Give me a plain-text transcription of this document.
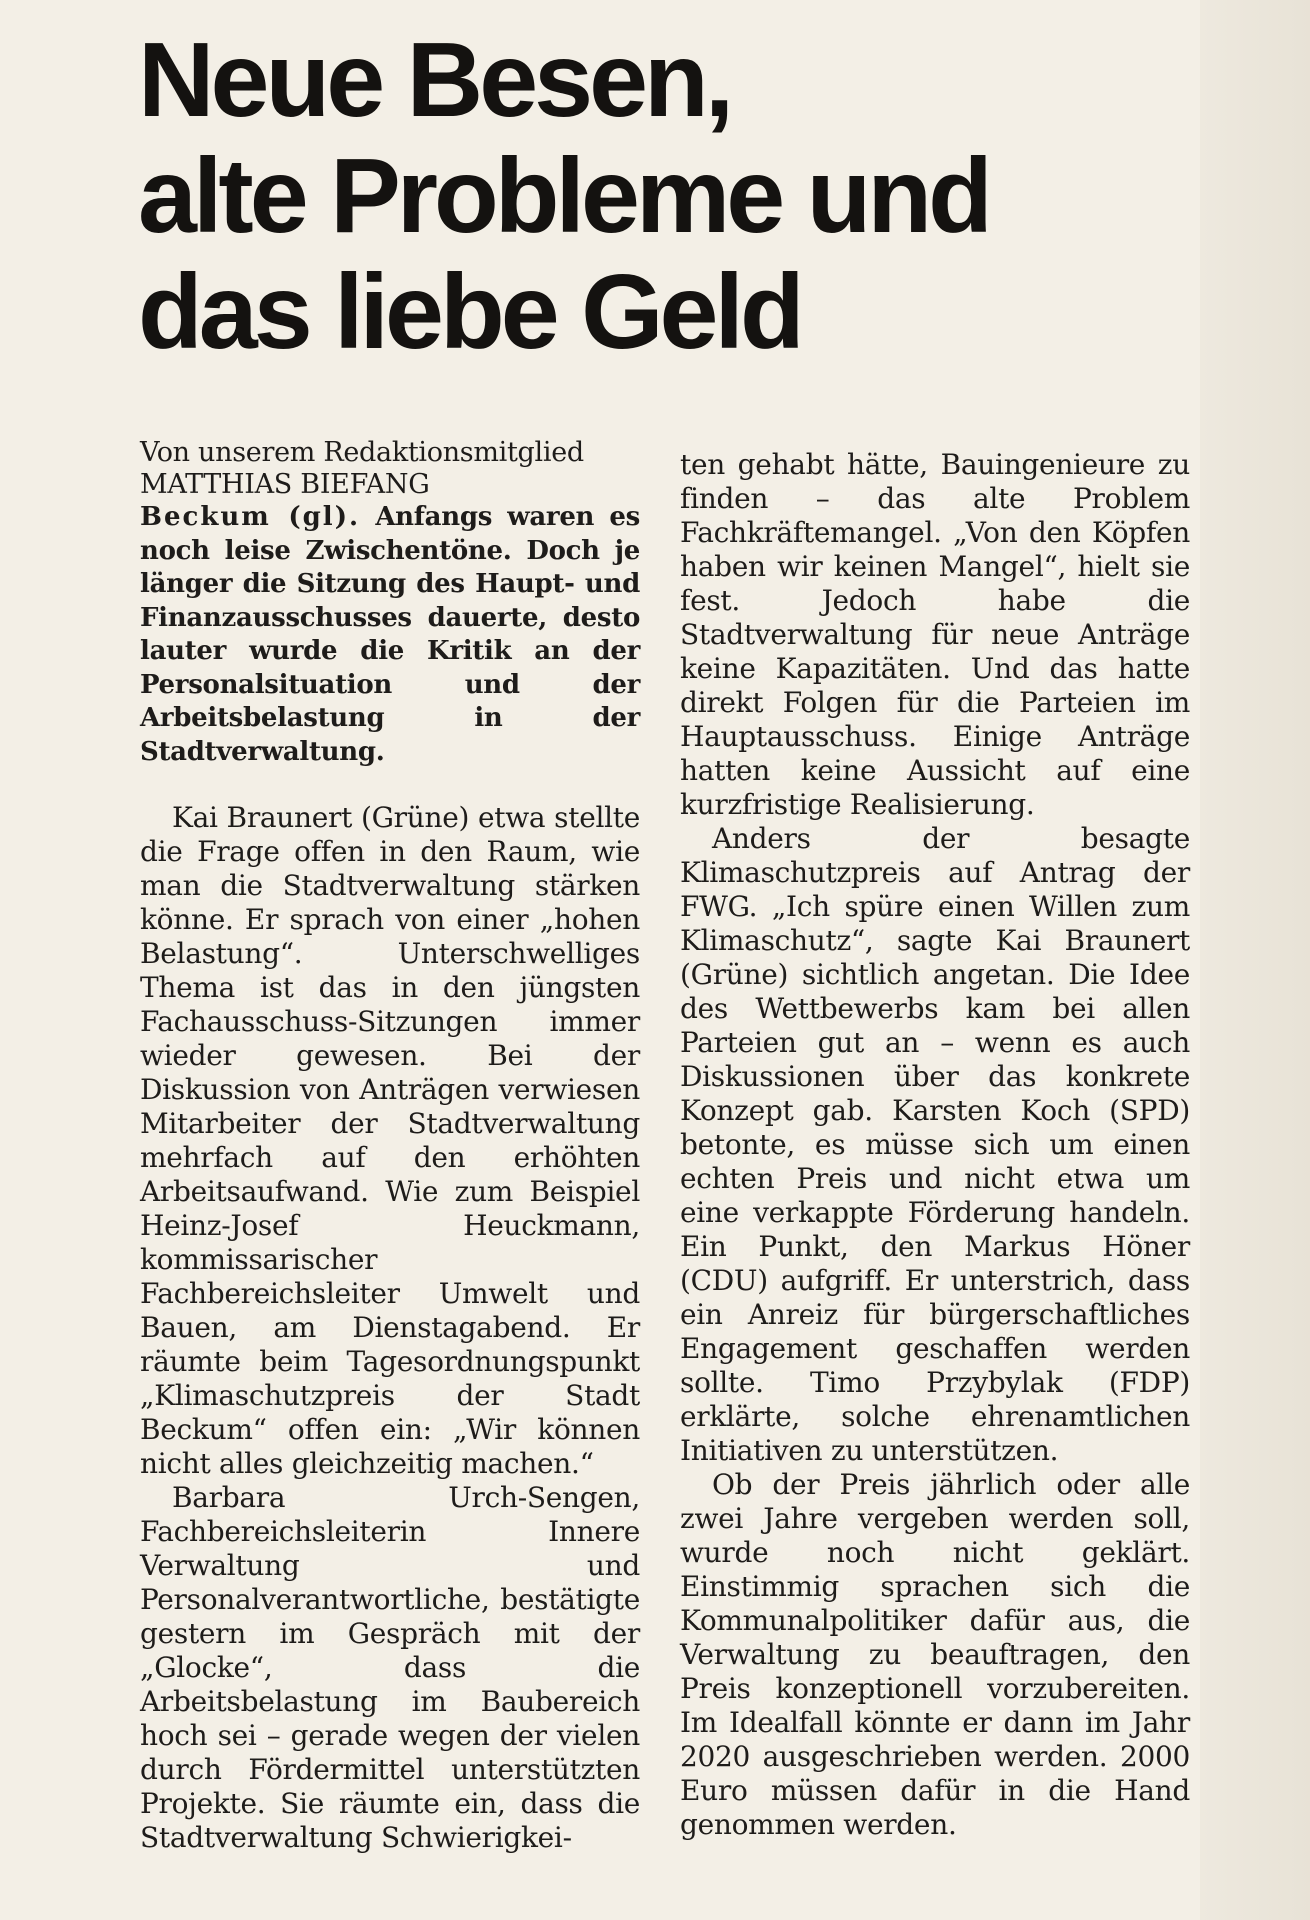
Neue Besen,
alte Probleme und
das liebe Geld

Von unserem Redaktionsmitglied
MATTHIAS BIEFANG

Beckum (gl). Anfangs waren es noch leise Zwischentöne. Doch je länger die Sitzung des Haupt- und Finanzausschusses dauerte, desto lauter wurde die Kritik an der Personalsituation und der Arbeitsbelastung in der Stadtverwaltung.

Kai Braunert (Grüne) etwa stellte die Frage offen in den Raum, wie man die Stadtverwaltung stärken könne. Er sprach von einer „hohen Belastung“. Unterschwelliges Thema ist das in den jüngsten Fachausschuss-Sitzungen immer wieder gewesen. Bei der Diskussion von Anträgen verwiesen Mitarbeiter der Stadtverwaltung mehrfach auf den erhöhten Arbeitsaufwand. Wie zum Beispiel Heinz-Josef Heuckmann, kommissarischer Fachbereichsleiter Umwelt und Bauen, am Dienstagabend. Er räumte beim Tagesordnungspunkt „Klimaschutzpreis der Stadt Beckum“ offen ein: „Wir können nicht alles gleichzeitig machen.“

Barbara Urch-Sengen, Fachbereichsleiterin Innere Verwaltung und Personalverantwortliche, bestätigte gestern im Gespräch mit der „Glocke“, dass die Arbeitsbelastung im Baubereich hoch sei – gerade wegen der vielen durch Fördermittel unterstützten Projekte. Sie räumte ein, dass die Stadtverwaltung Schwierigkei-

ten gehabt hätte, Bauingenieure zu finden – das alte Problem Fachkräftemangel. „Von den Köpfen haben wir keinen Mangel“, hielt sie fest. Jedoch habe die Stadtverwaltung für neue Anträge keine Kapazitäten. Und das hatte direkt Folgen für die Parteien im Hauptausschuss. Einige Anträge hatten keine Aussicht auf eine kurzfristige Realisierung.

Anders der besagte Klimaschutzpreis auf Antrag der FWG. „Ich spüre einen Willen zum Klimaschutz“, sagte Kai Braunert (Grüne) sichtlich angetan. Die Idee des Wettbewerbs kam bei allen Parteien gut an – wenn es auch Diskussionen über das konkrete Konzept gab. Karsten Koch (SPD) betonte, es müsse sich um einen echten Preis und nicht etwa um eine verkappte Förderung handeln. Ein Punkt, den Markus Höner (CDU) aufgriff. Er unterstrich, dass ein Anreiz für bürgerschaftliches Engagement geschaffen werden sollte. Timo Przybylak (FDP) erklärte, solche ehrenamtlichen Initiativen zu unterstützen.

Ob der Preis jährlich oder alle zwei Jahre vergeben werden soll, wurde noch nicht geklärt. Einstimmig sprachen sich die Kommunalpolitiker dafür aus, die Verwaltung zu beauftragen, den Preis konzeptionell vorzubereiten. Im Idealfall könnte er dann im Jahr 2020 ausgeschrieben werden. 2000 Euro müssen dafür in die Hand genommen werden.
